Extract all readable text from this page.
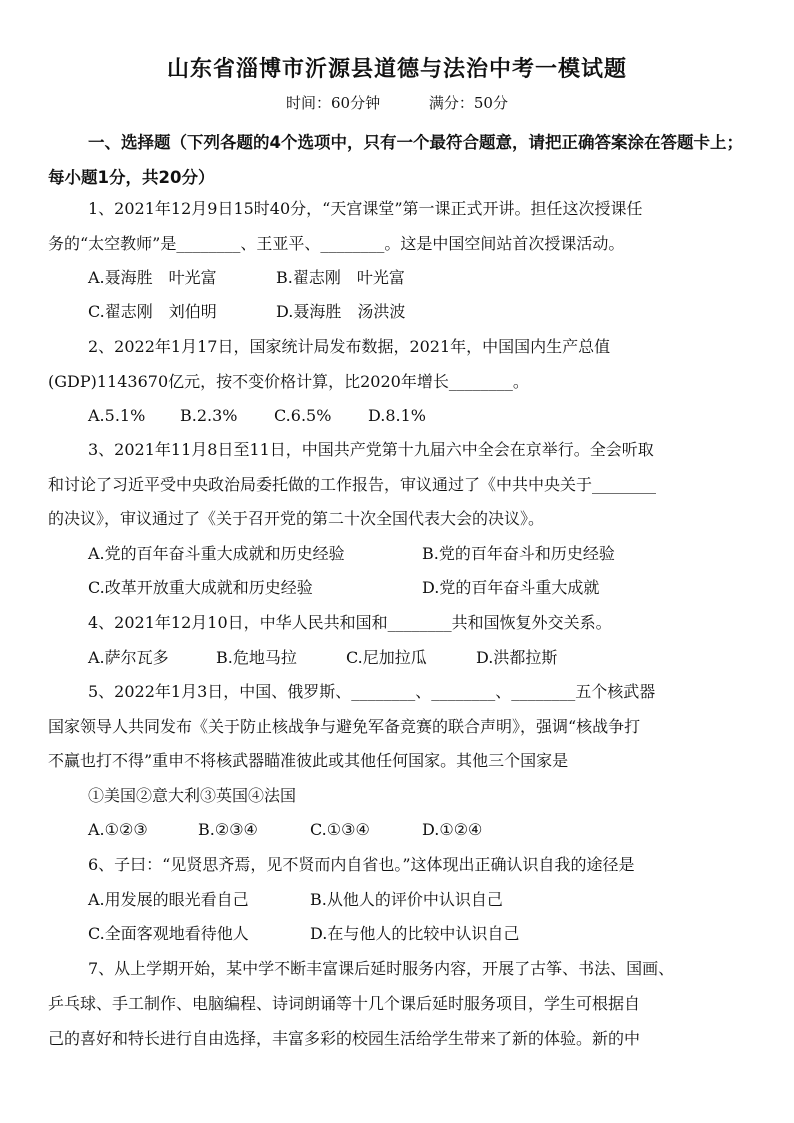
山东省淄博市沂源县道德与法治中考一模试题
时间：60分钟	满分：50分
一、选择题（下列各题的4个选项中，只有一个最符合题意，请把正确答案涂在答题卡上；每小题1分，共20分）
1、2021年12月9日15时40分，“天宫课堂”第一课正式开讲。担任这次授课任
务的“太空教师”是________、王亚平、________。这是中国空间站首次授课活动。
A.聂海胜　叶光富	B.翟志刚　叶光富
C.翟志刚　刘伯明	D.聂海胜　汤洪波
2、2022年1月17日，国家统计局发布数据，2021年，中国国内生产总值
(GDP)1143670亿元，按不变价格计算，比2020年增长________。
A.5.1% B.2.3% C.6.5% D.8.1%
3、2021年11月8日至11日，中国共产党第十九届六中全会在京举行。全会听取
和讨论了习近平受中央政治局委托做的工作报告，审议通过了《中共中央关于________
的决议》，审议通过了《关于召开党的第二十次全国代表大会的决议》。
A.党的百年奋斗重大成就和历史经验	B.党的百年奋斗和历史经验
C.改革开放重大成就和历史经验	D.党的百年奋斗重大成就
4、2021年12月10日，中华人民共和国和________共和国恢复外交关系。
A.萨尔瓦多	B.危地马拉	C.尼加拉瓜	D.洪都拉斯
5、2022年1月3日，中国、俄罗斯、________、________、________五个核武器
国家领导人共同发布《关于防止核战争与避免军备竞赛的联合声明》，强调“核战争打
不赢也打不得”重申不将核武器瞄准彼此或其他任何国家。其他三个国家是
①美国②意大利③英国④法国
A.①②③	B.②③④	C.①③④	D.①②④
6、子曰：“见贤思齐焉，见不贤而内自省也。”这体现出正确认识自我的途径是
A.用发展的眼光看自己	B.从他人的评价中认识自己
C.全面客观地看待他人	D.在与他人的比较中认识自己
7、从上学期开始，某中学不断丰富课后延时服务内容，开展了古筝、书法、国画、
乒乓球、手工制作、电脑编程、诗词朗诵等十几个课后延时服务项目，学生可根据自
己的喜好和特长进行自由选择，丰富多彩的校园生活给学生带来了新的体验。新的中
